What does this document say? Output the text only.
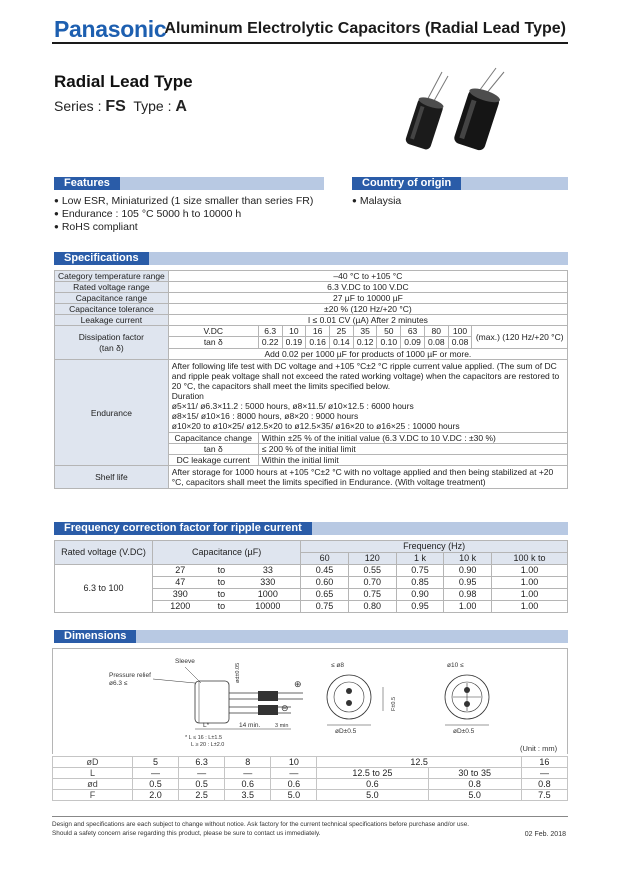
Panasonic
Aluminum Electrolytic Capacitors (Radial Lead Type)
Radial Lead Type
Series : FS Type : A
Features
● Low ESR, Miniaturized (1 size smaller than series FR)
● Endurance : 105 °C 5000 h to 10000 h
● RoHS compliant
Country of origin
● Malaysia
Specifications
Category temperature range	–40 °C to +105 °C										
Rated voltage range	6.3 V.DC to 100 V.DC										
Capacitance range	27 µF to 10000 µF										
Capacitance tolerance	±20 % (120 Hz/+20 °C)										
Leakage current	I ≤ 0.01 CV (µA) After 2 minutes										
Dissipation factor
(tan δ)	V.DC	6.3	10	16	25	35	50	63	80	100	(max.) (120 Hz/+20 °C)
	tan δ	0.22	0.19	0.16	0.14	0.12	0.10	0.09	0.08	0.08	
	Add 0.02 per 1000 µF for products of 1000 µF or more.										
Endurance	After following life test with DC voltage and +105 °C±2 °C ripple current value applied. (The sum of DC and ripple peak voltage shall not exceed the rated working voltage) when the capacitors are restored to 20 °C, the capacitors shall meet the limits specified below.
Duration
ø5×11/ ø6.3×11.2 : 5000 hours, ø8×11.5/ ø10×12.5 : 6000 hours
ø8×15/ ø10×16 : 8000 hours, ø8×20 : 9000 hours
ø10×20 to ø10×25/ ø12.5×20 to ø12.5×35/ ø16×20 to ø16×25 : 10000 hours										
	Capacitance change	Within ±25 % of the initial value (6.3 V.DC to 10 V.DC : ±30 %)									
	tan δ	≤ 200 % of the initial limit									
	DC leakage current	Within the initial limit									
Shelf life	After storage for 1000 hours at +105 °C±2 °C with no voltage applied and then being stabilized at +20 °C, capacitors shall meet the limits specified in Endurance. (With voltage treatment)										
Frequency correction factor for ripple current
Rated voltage (V.DC)	Capacitance (µF)			Frequency (Hz)				
				60	120	1 k	10 k	100 k to
6.3 to 100	27	to	33	0.45	0.55	0.75	0.90	1.00
	47	to	330	0.60	0.70	0.85	0.95	1.00
	390	to	1000	0.65	0.75	0.90	0.98	1.00
	1200	to	10000	0.75	0.80	0.95	1.00	1.00
Dimensions
⊕
⊖
L*	14 min.	3 min
Sleeve
Pressure relief
ø6.3 ≤
ød±0.05
* L ≤ 16 : L±1.5
L ≥ 20 : L±2.0
≤ ø8
øD±0.5
F±0.5
ø10 ≤
øD±0.5
(Unit : mm)
øD	5	6.3	8	10	12.5		16
L	—	—	—	—	12.5 to 25	30 to 35	—
ød	0.5	0.5	0.6	0.6	0.6	0.8	0.8
F	2.0	2.5	3.5	5.0	5.0	5.0	7.5
Design and specifications are each subject to change without notice. Ask factory for the current technical specifications before purchase and/or use.
Should a safety concern arise regarding this product, please be sure to contact us immediately.	02 Feb. 2018
